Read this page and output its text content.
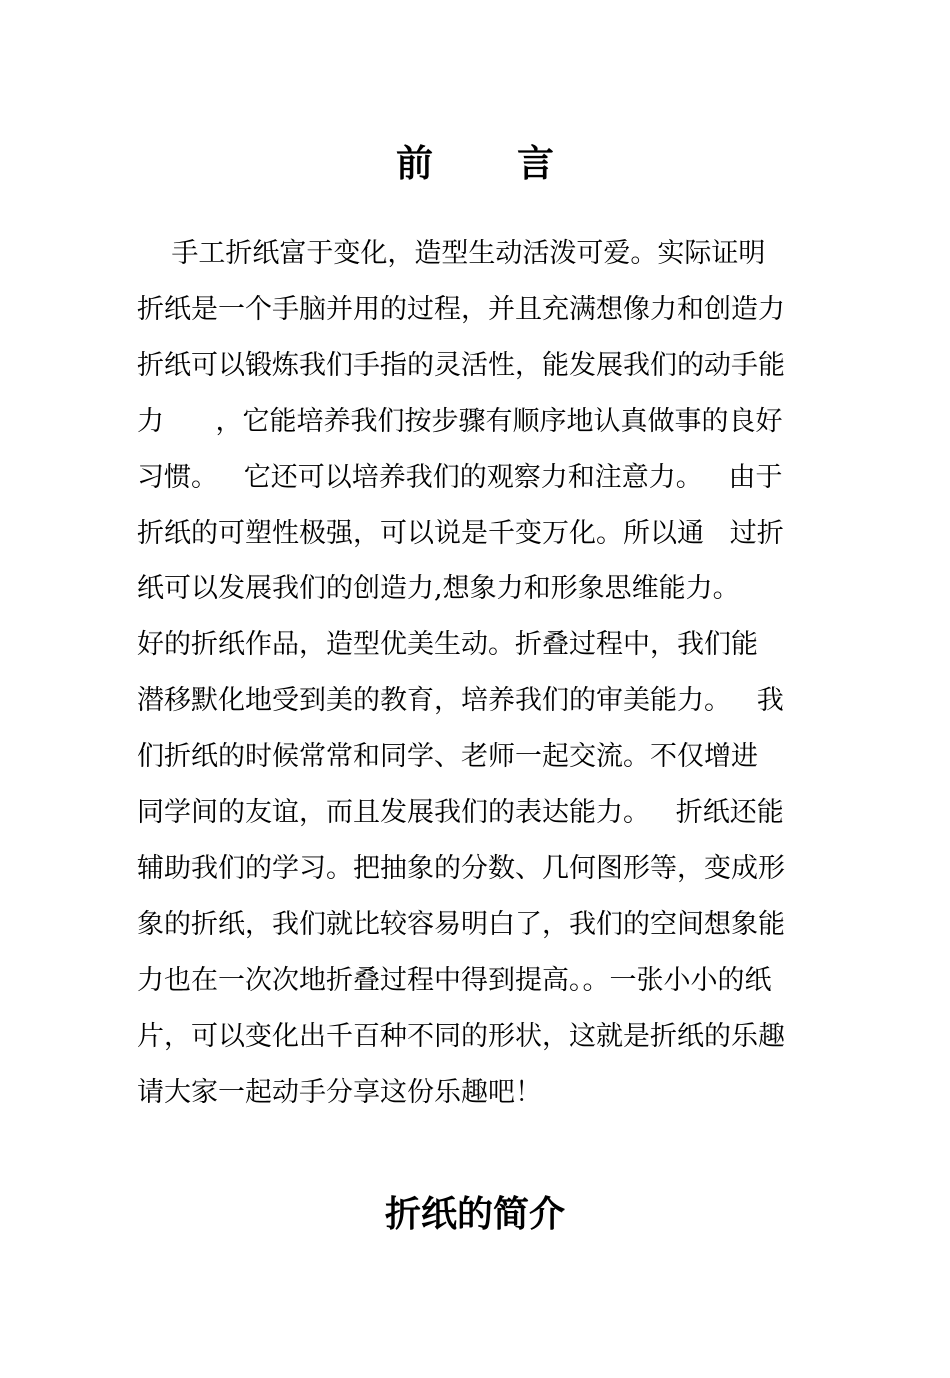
前言

手工折纸富于变化，造型生动活泼可爱。实际证明

折纸是一个手脑并用的过程，并且充满想像力和创造力

折纸可以锻炼我们手指的灵活性，能发展我们的动手能

力      ，它能培养我们按步骤有顺序地认真做事的良好

习惯。   它还可以培养我们的观察力和注意力。   由于

折纸的可塑性极强，可以说是千变万化。所以通   过折

纸可以发展我们的创造力,想象力和形象思维能力。

好的折纸作品，造型优美生动。折叠过程中，我们能

潜移默化地受到美的教育，培养我们的审美能力。   我

们折纸的时候常常和同学、老师一起交流。不仅增进

同学间的友谊，而且发展我们的表达能力。   折纸还能

辅助我们的学习。把抽象的分数、几何图形等，变成形

象的折纸，我们就比较容易明白了，我们的空间想象能

力也在一次次地折叠过程中得到提高。。一张小小的纸

片，可以变化出千百种不同的形状，这就是折纸的乐趣

请大家一起动手分享这份乐趣吧！

折纸的简介
